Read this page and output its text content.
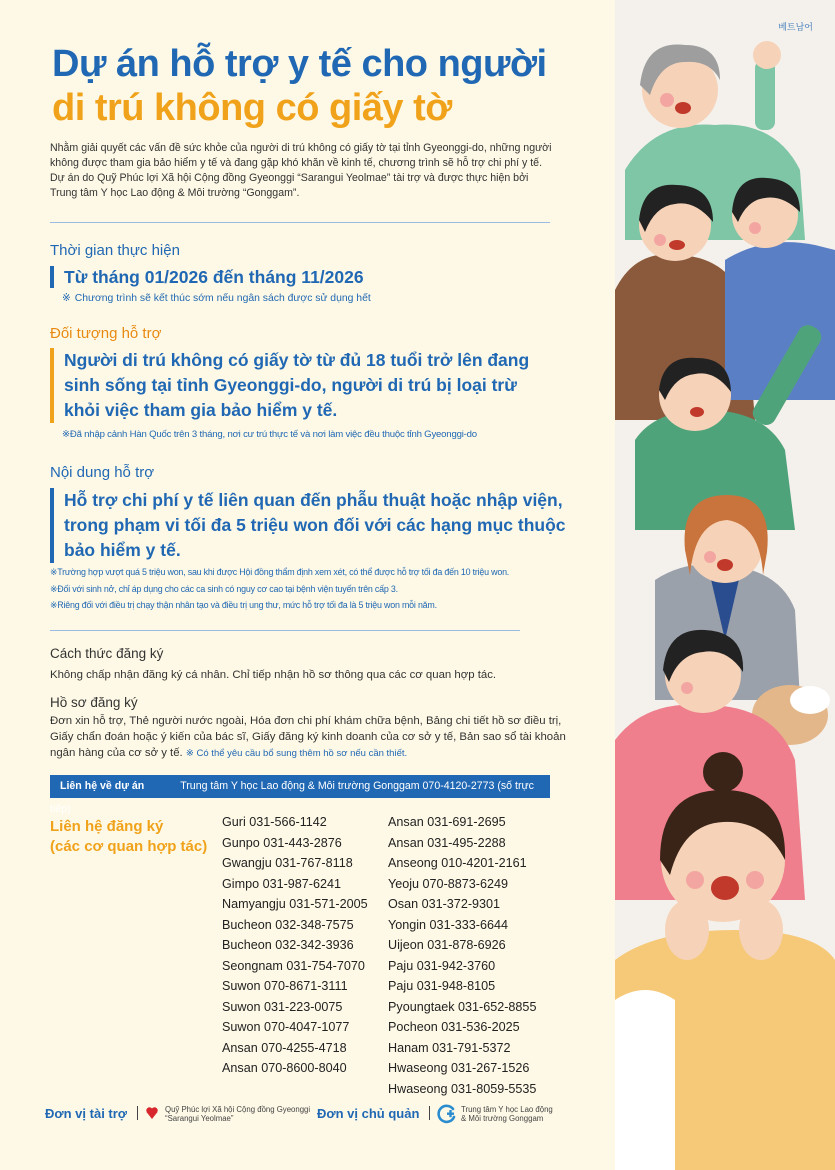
Dự án hỗ trợ y tế cho người
di trú không có giấy tờ
Nhằm giải quyết các vấn đề sức khỏe của người di trú không có giấy tờ tại tỉnh Gyeonggi-do, những người
không được tham gia bảo hiểm y tế và đang gặp khó khăn về kinh tế, chương trình sẽ hỗ trợ chi phí y tế.
Dự án do Quỹ Phúc lợi Xã hội Cộng đồng Gyeonggi “Sarangui Yeolmae” tài trợ và được thực hiện bởi
Trung tâm Y học Lao động & Môi trường “Gonggam”.
Thời gian thực hiện
Từ tháng 01/2026 đến tháng 11/2026
※ Chương trình sẽ kết thúc sớm nếu ngân sách được sử dụng hết
Đối tượng hỗ trợ
Người di trú không có giấy tờ từ đủ 18 tuổi trở lên đang
sinh sống tại tỉnh Gyeonggi-do, người di trú bị loại trừ
khỏi việc tham gia bảo hiểm y tế.
※Đã nhập cảnh Hàn Quốc trên 3 tháng, nơi cư trú thực tế và nơi làm việc đều thuộc tỉnh Gyeonggi-do
Nội dung hỗ trợ
Hỗ trợ chi phí y tế liên quan đến phẫu thuật hoặc nhập viện,
trong phạm vi tối đa 5 triệu won đối với các hạng mục thuộc
bảo hiểm y tế.
※Trường hợp vượt quá 5 triệu won, sau khi được Hội đồng thẩm định xem xét, có thể được hỗ trợ tối đa đến 10 triệu won.
※Đối với sinh nở, chỉ áp dụng cho các ca sinh có nguy cơ cao tại bệnh viện tuyến trên cấp 3.
※Riêng đối với điều trị chạy thận nhân tạo và điều trị ung thư, mức hỗ trợ tối đa là 5 triệu won mỗi năm.
Cách thức đăng ký
Không chấp nhận đăng ký cá nhân. Chỉ tiếp nhận hồ sơ thông qua các cơ quan hợp tác.
Hồ sơ đăng ký
Đơn xin hỗ trợ, Thẻ người nước ngoài, Hóa đơn chi phí khám chữa bệnh, Bảng chi tiết hồ sơ điều trị,
Giấy chẩn đoán hoặc ý kiến của bác sĩ, Giấy đăng ký kinh doanh của cơ sở y tế, Bản sao sổ tài khoản
ngân hàng của cơ sở y tế. ※ Có thể yêu cầu bổ sung thêm hồ sơ nếu cần thiết.
Liên hệ về dự án	Trung tâm Y học Lao động & Môi trường Gonggam 070-4120-2773 (số trực tiếp)
Liên hệ đăng ký
(các cơ quan hợp tác)
Guri 031-566-1142
Gunpo 031-443-2876
Gwangju 031-767-8118
Gimpo 031-987-6241
Namyangju 031-571-2005
Bucheon 032-348-7575
Bucheon 032-342-3936
Seongnam 031-754-7070
Suwon 070-8671-3111
Suwon 031-223-0075
Suwon 070-4047-1077
Ansan 070-4255-4718
Ansan 070-8600-8040
Ansan 031-691-2695
Ansan 031-495-2288
Anseong 010-4201-2161
Yeoju 070-8873-6249
Osan 031-372-9301
Yongin 031-333-6644
Uijeon 031-878-6926
Paju 031-942-3760
Paju 031-948-8105
Pyoungtaek 031-652-8855
Pocheon 031-536-2025
Hanam 031-791-5372
Hwaseong 031-267-1526
Hwaseong 031-8059-5535
Đơn vị tài trợ	Quỹ Phúc lợi Xã hội Cộng đồng Gyeonggi
“Sarangui Yeolmae”	Đơn vị chủ quản	Trung tâm Y học Lao động
& Môi trường Gonggam
베트남어
